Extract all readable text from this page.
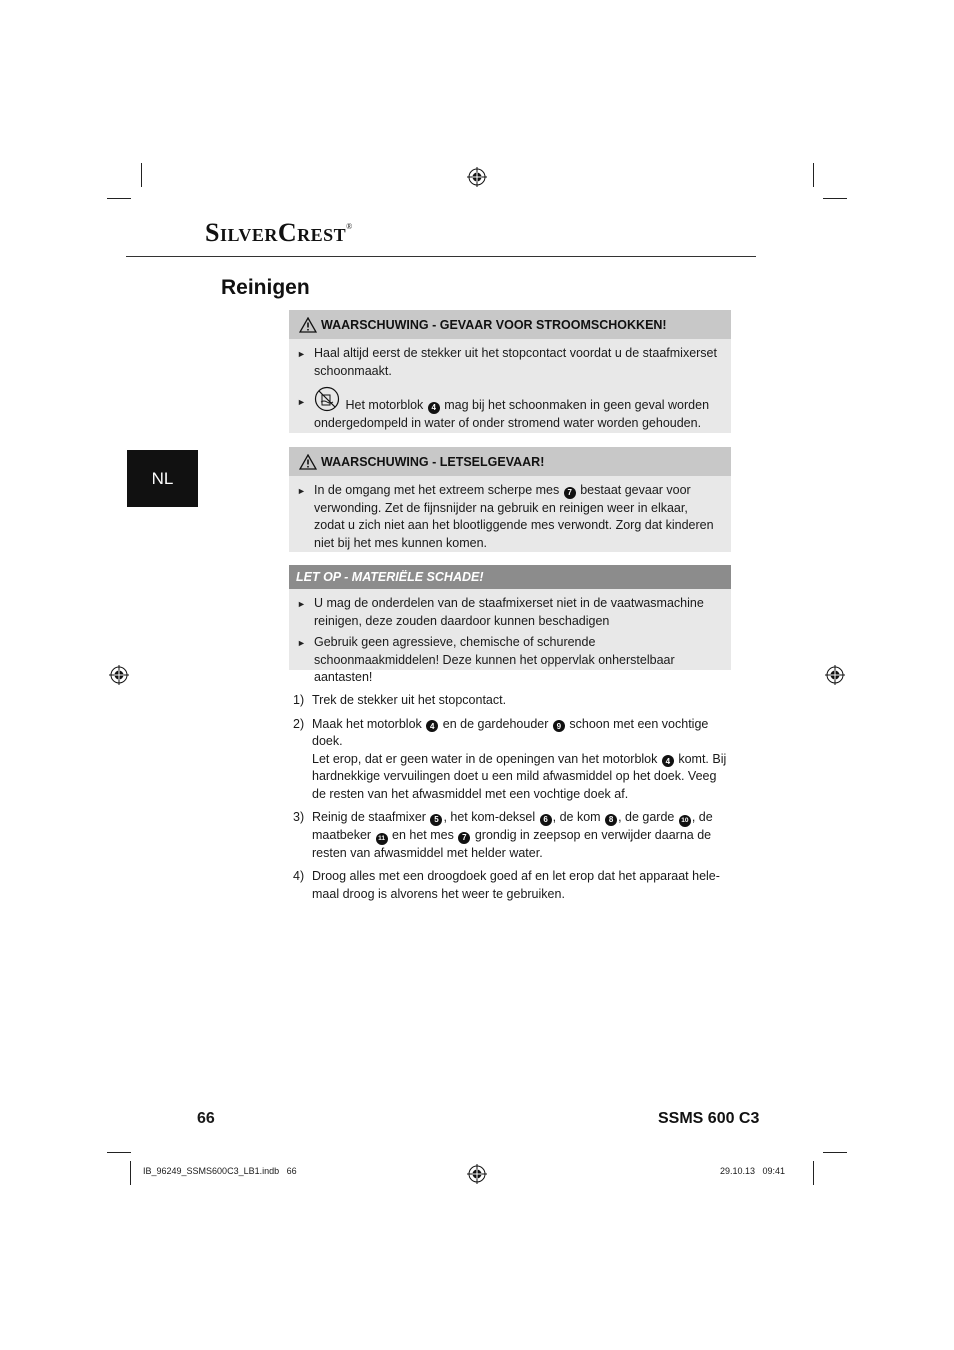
SilverCrest®
Reinigen
NL
WAARSCHUWING - GEVAAR VOOR STROOMSCHOKKEN!
► Haal altijd eerst de stekker uit het stopcontact voordat u de staafmixerset schoonmaakt.
►	Het motorblok 4 mag bij het schoonmaken in geen geval worden ondergedompeld in water of onder stromend water worden gehouden.
WAARSCHUWING - LETSELGEVAAR!
► In de omgang met het extreem scherpe mes 7 bestaat gevaar voor verwonding. Zet de fijnsnijder na gebruik en reinigen weer in elkaar, zodat u zich niet aan het blootliggende mes verwondt. Zorg dat kinderen niet bij het mes kunnen komen.
LET OP - MATERIËLE SCHADE!
► U mag de onderdelen van de staafmixerset niet in de vaatwasmachine reinigen, deze zouden daardoor kunnen beschadigen
► Gebruik geen agressieve, chemische of schurende schoonmaakmiddelen! Deze kunnen het oppervlak onherstelbaar aantasten!
1) Trek de stekker uit het stopcontact.
2) Maak het motorblok 4 en de gardehouder 9 schoon met een vochtige doek.
Let erop, dat er geen water in de openingen van het motorblok 4 komt. Bij hardnekkige vervuilingen doet u een mild afwasmiddel op het doek. Veeg de resten van het afwasmiddel met een vochtige doek af.
3) Reinig de staafmixer 5 , het kom-deksel 6 , de kom 8 , de garde 10 , de maatbeker 11 en het mes 7 grondig in zeepsop en verwijder daarna de resten van afwasmiddel met helder water.
4) Droog alles met een droogdoek goed af en let erop dat het apparaat hele-maal droog is alvorens het weer te gebruiken.
66	SSMS 600 C3
IB_96249_SSMS600C3_LB1.indb   66	29.10.13   09:41
